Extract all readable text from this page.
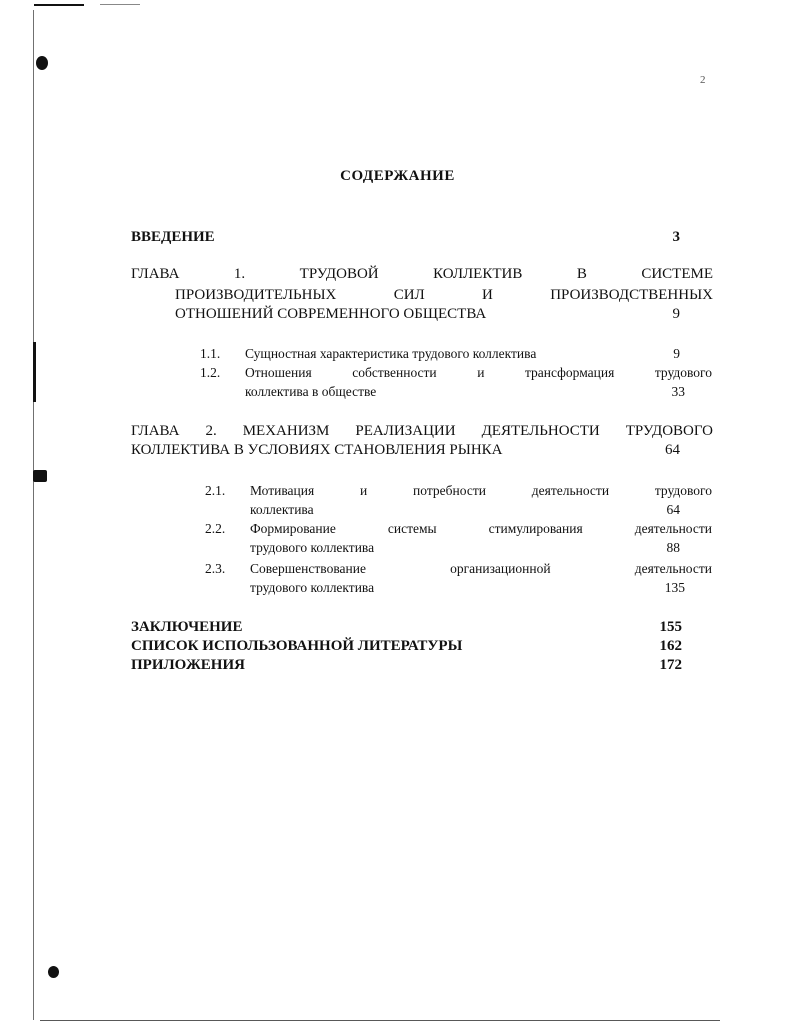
2
СОДЕРЖАНИЕ
ВВЕДЕНИЕ	3
ГЛАВА 1. ТРУДОВОЙ КОЛЛЕКТИВ В СИСТЕМЕ
ПРОИЗВОДИТЕЛЬНЫХ СИЛ И ПРОИЗВОДСТВЕННЫХ
ОТНОШЕНИЙ СОВРЕМЕННОГО ОБЩЕСТВА	9
1.1. Сущностная характеристика трудового коллектива	9
1.2. Отношения собственности и трансформация трудового
коллектива в обществе	33
ГЛАВА 2. МЕХАНИЗМ РЕАЛИЗАЦИИ ДЕЯТЕЛЬНОСТИ ТРУДОВОГО
КОЛЛЕКТИВА В УСЛОВИЯХ СТАНОВЛЕНИЯ РЫНКА	64
2.1. Мотивация и потребности деятельности трудового
коллектива	64
2.2. Формирование системы стимулирования деятельности
трудового коллектива	88
2.3. Совершенствование организационной деятельности
трудового коллектива	135
ЗАКЛЮЧЕНИЕ	155
СПИСОК ИСПОЛЬЗОВАННОЙ ЛИТЕРАТУРЫ	162
ПРИЛОЖЕНИЯ	172
